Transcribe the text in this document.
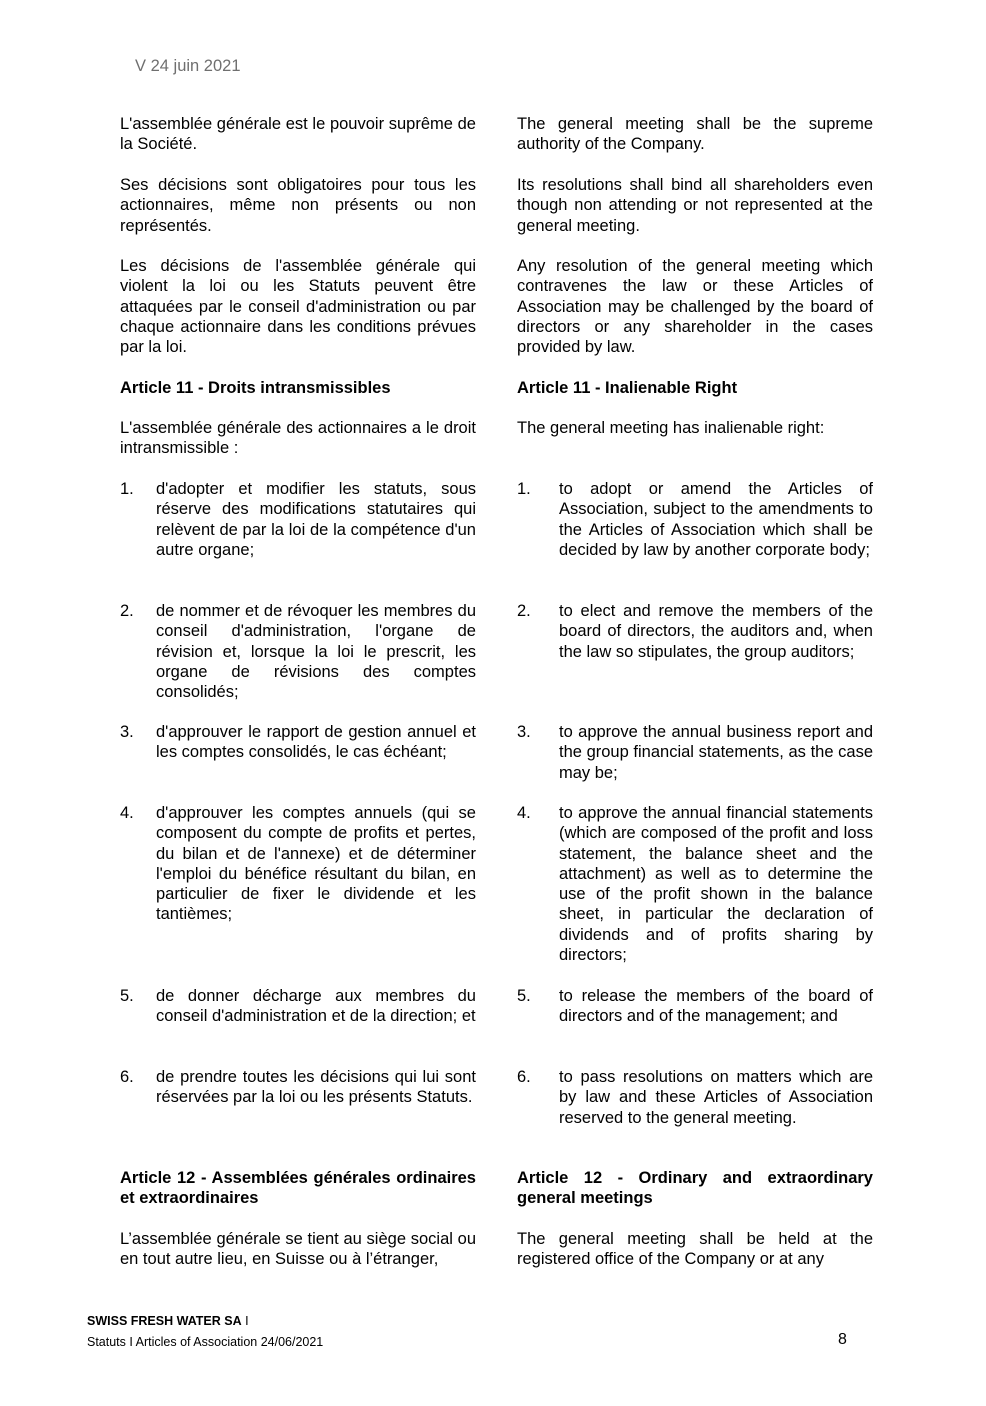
V 24 juin 2021
L'assemblée générale est le pouvoir suprême de la Société.
Ses décisions sont obligatoires pour tous les actionnaires, même non présents ou non représentés.
Les décisions de l'assemblée générale qui violent la loi ou les Statuts peuvent être attaquées par le conseil d'administration ou par chaque actionnaire dans les conditions prévues par la loi.
Article 11 - Droits intransmissibles
L'assemblée générale des actionnaires a le droit intransmissible :
1. d'adopter et modifier les statuts, sous réserve des modifications statutaires qui relèvent de par la loi de la compétence d'un autre organe;
2. de nommer et de révoquer les membres du conseil d'administration, l'organe de révision et, lorsque la loi le prescrit, les organe de révisions des comptes consolidés;
3. d'approuver le rapport de gestion annuel et les comptes consolidés, le cas échéant;
4. d'approuver les comptes annuels (qui se composent du compte de profits et pertes, du bilan et de l'annexe) et de déterminer l'emploi du bénéfice résultant du bilan, en particulier de fixer le dividende et les tantièmes;
5. de donner décharge aux membres du conseil d'administration et de la direction; et
6. de prendre toutes les décisions qui lui sont réservées par la loi ou les présents Statuts.
Article 12 - Assemblées générales ordinaires et extraordinaires
L’assemblée générale se tient au siège social ou en tout autre lieu, en Suisse ou à l’étranger,
The general meeting shall be the supreme authority of the Company.
Its resolutions shall bind all shareholders even though non attending or not represented at the general meeting.
Any resolution of the general meeting which contravenes the law or these Articles of Association may be challenged by the board of directors or any shareholder in the cases provided by law.
Article 11 - Inalienable Right
The general meeting has inalienable right:
1. to adopt or amend the Articles of Association, subject to the amendments to the Articles of Association which shall be decided by law by another corporate body;
2. to elect and remove the members of the board of directors, the auditors and, when the law so stipulates, the group auditors;
3. to approve the annual business report and the group financial statements, as the case may be;
4. to approve the annual financial statements (which are composed of the profit and loss statement, the balance sheet and the attachment) as well as to determine the use of the profit shown in the balance sheet, in particular the declaration of dividends and of profits sharing by directors;
5. to release the members of the board of directors and of the management; and
6. to pass resolutions on matters which are by law and these Articles of Association reserved to the general meeting.
Article 12 - Ordinary and extraordinary general meetings
The general meeting shall be held at the registered office of the Company or at any
SWISS FRESH WATER SA I
Statuts I Articles of Association 24/06/2021	8
